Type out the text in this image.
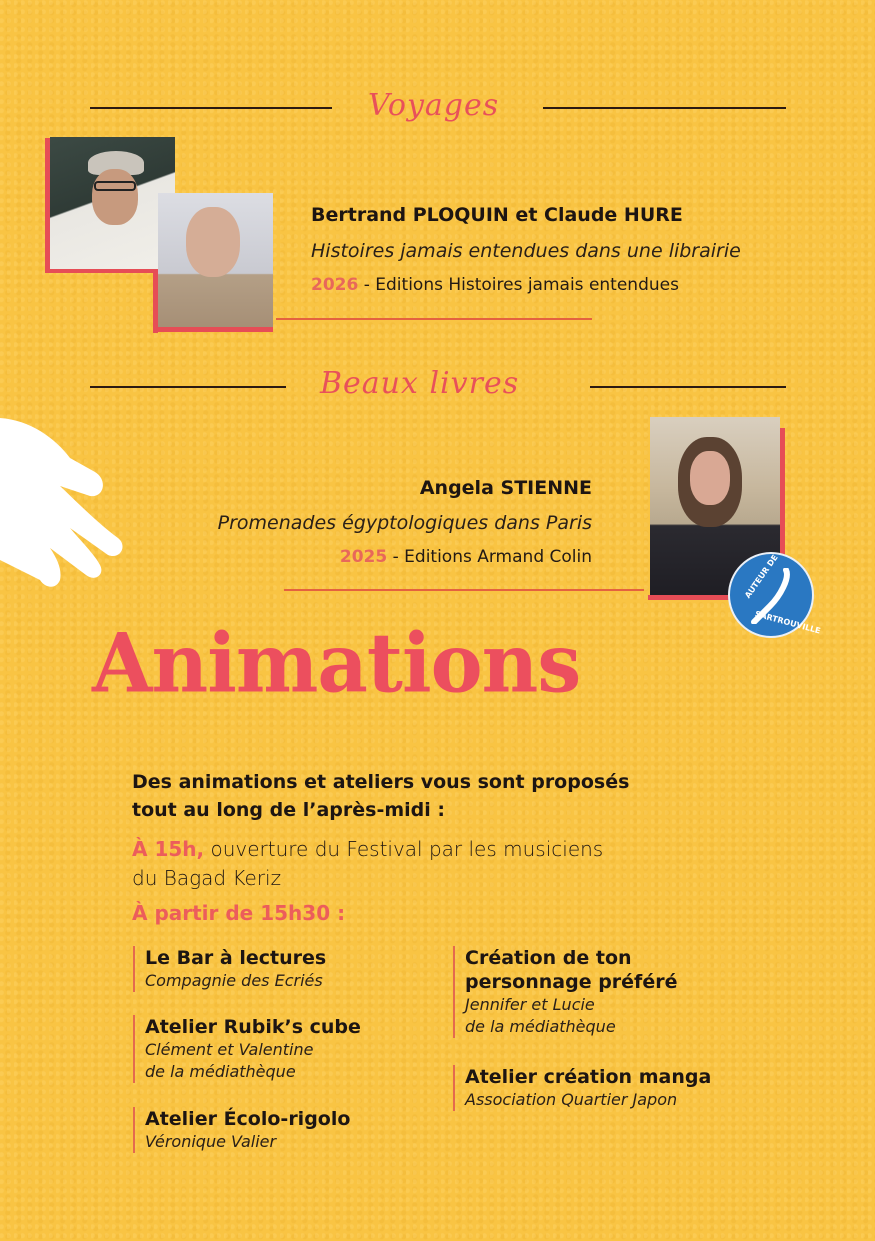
Voyages
Bertrand PLOQUIN et Claude HURE
Histoires jamais entendues dans une librairie
2026 - Editions Histoires jamais entendues
Beaux livres
Angela STIENNE
Promenades égyptologiques dans Paris
2025 - Editions Armand Colin	AUTEUR DE
SARTROUVILLE
Animations
Des animations et ateliers vous sont proposés
tout au long de l’après-midi :
À 15h, ouverture du Festival par les musiciens
du Bagad Keriz
À partir de 15h30 :
Le Bar à lectures
Compagnie des Ecriés
Atelier Rubik’s cube
Clément et Valentine
de la médiathèque
Atelier Écolo-rigolo
Véronique Valier
Création de ton
personnage préféré
Jennifer et Lucie
de la médiathèque
Atelier création manga
Association Quartier Japon
